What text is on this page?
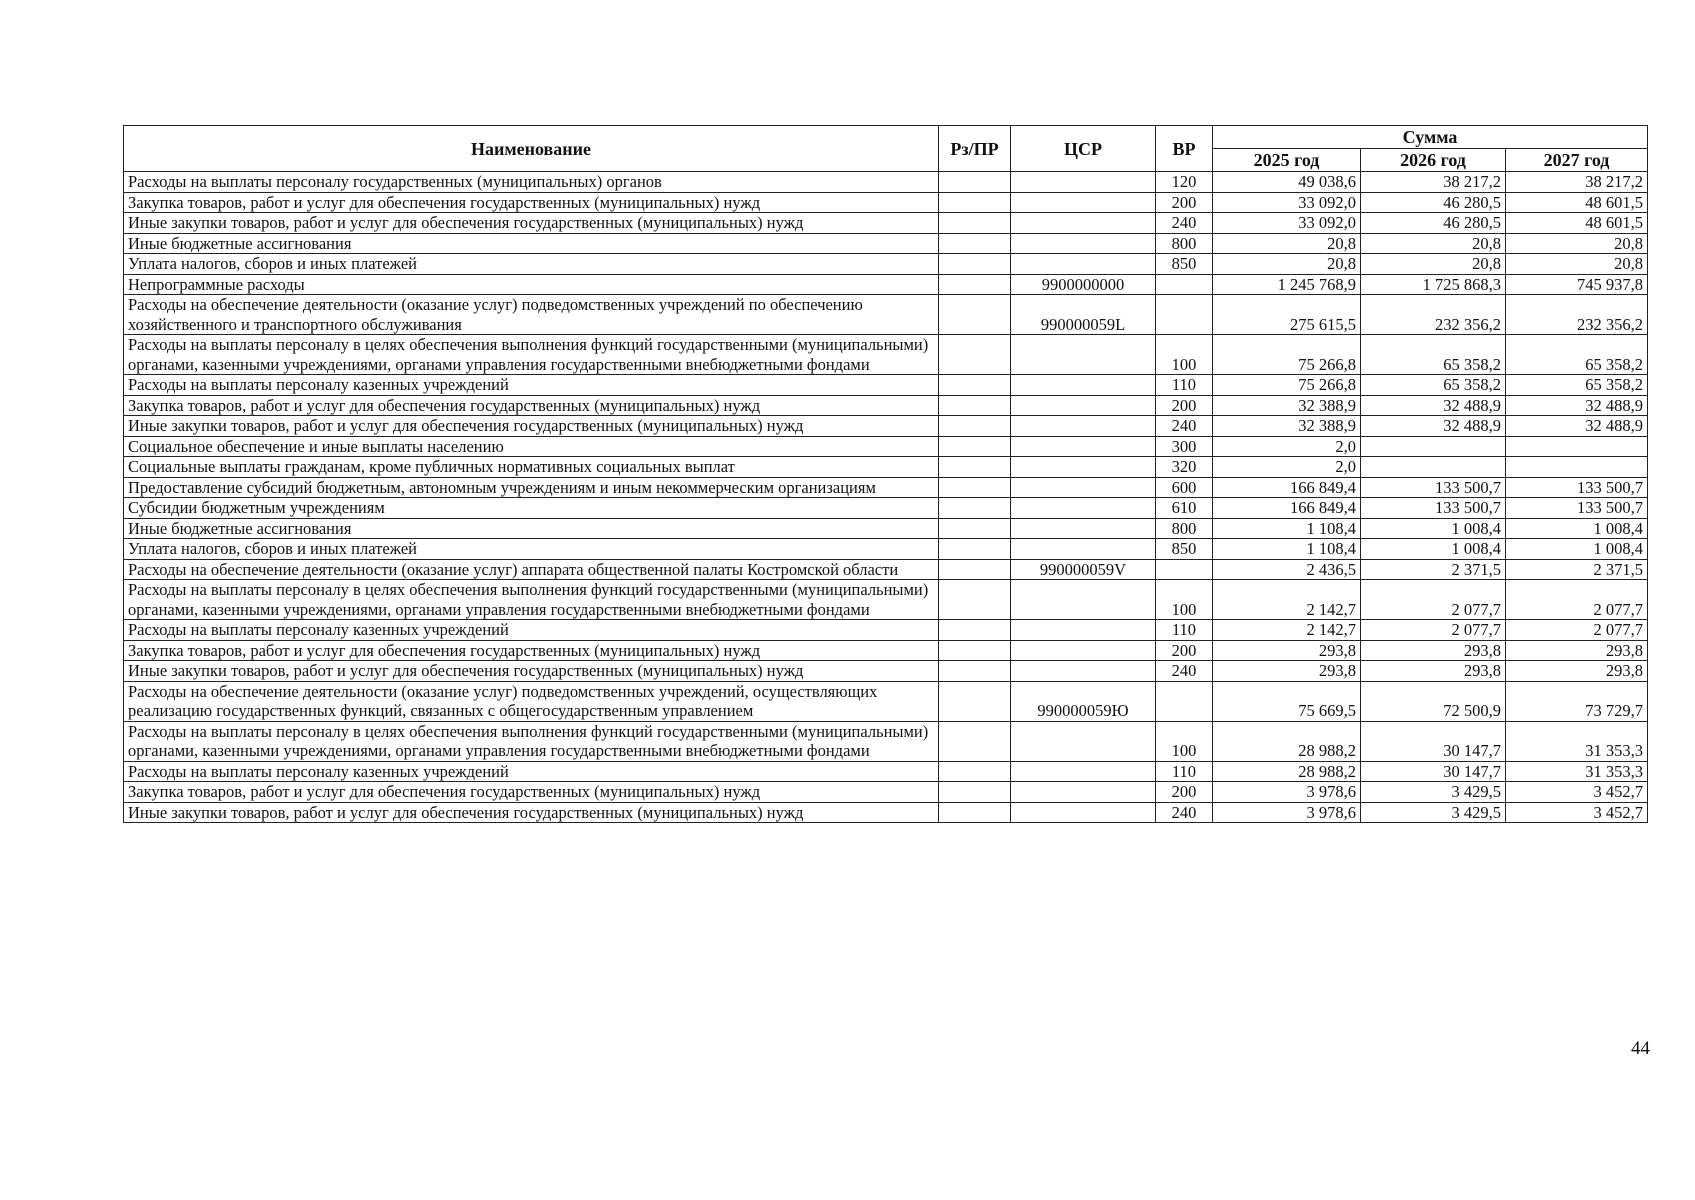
Наименование	Рз/ПР	ЦСР	ВР	Сумма		
				2025 год	2026 год	2027 год
Расходы на выплаты персоналу государственных (муниципальных) органов			120	49 038,6	38 217,2	38 217,2
Закупка товаров, работ и услуг для обеспечения государственных (муниципальных) нужд			200	33 092,0	46 280,5	48 601,5
Иные закупки товаров, работ и услуг для обеспечения государственных (муниципальных) нужд			240	33 092,0	46 280,5	48 601,5
Иные бюджетные ассигнования			800	20,8	20,8	20,8
Уплата налогов, сборов и иных платежей			850	20,8	20,8	20,8
Непрограммные расходы		9900000000		1 245 768,9	1 725 868,3	745 937,8
Расходы на обеспечение деятельности (оказание услуг) подведомственных учреждений по обеспечению хозяйственного и транспортного обслуживания		990000059L		275 615,5	232 356,2	232 356,2
Расходы на выплаты персоналу в целях обеспечения выполнения функций государственными (муниципальными) органами, казенными учреждениями, органами управления государственными внебюджетными фондами			100	75 266,8	65 358,2	65 358,2
Расходы на выплаты персоналу казенных учреждений			110	75 266,8	65 358,2	65 358,2
Закупка товаров, работ и услуг для обеспечения государственных (муниципальных) нужд			200	32 388,9	32 488,9	32 488,9
Иные закупки товаров, работ и услуг для обеспечения государственных (муниципальных) нужд			240	32 388,9	32 488,9	32 488,9
Социальное обеспечение и иные выплаты населению			300	2,0		
Социальные выплаты гражданам, кроме публичных нормативных социальных выплат			320	2,0		
Предоставление субсидий бюджетным, автономным учреждениям и иным некоммерческим организациям			600	166 849,4	133 500,7	133 500,7
Субсидии бюджетным учреждениям			610	166 849,4	133 500,7	133 500,7
Иные бюджетные ассигнования			800	1 108,4	1 008,4	1 008,4
Уплата налогов, сборов и иных платежей			850	1 108,4	1 008,4	1 008,4
Расходы на обеспечение деятельности (оказание услуг) аппарата общественной палаты Костромской области		990000059V		2 436,5	2 371,5	2 371,5
Расходы на выплаты персоналу в целях обеспечения выполнения функций государственными (муниципальными) органами, казенными учреждениями, органами управления государственными внебюджетными фондами			100	2 142,7	2 077,7	2 077,7
Расходы на выплаты персоналу казенных учреждений			110	2 142,7	2 077,7	2 077,7
Закупка товаров, работ и услуг для обеспечения государственных (муниципальных) нужд			200	293,8	293,8	293,8
Иные закупки товаров, работ и услуг для обеспечения государственных (муниципальных) нужд			240	293,8	293,8	293,8
Расходы на обеспечение деятельности (оказание услуг) подведомственных учреждений, осуществляющих реализацию государственных функций, связанных с общегосударственным управлением		990000059Ю		75 669,5	72 500,9	73 729,7
Расходы на выплаты персоналу в целях обеспечения выполнения функций государственными (муниципальными) органами, казенными учреждениями, органами управления государственными внебюджетными фондами			100	28 988,2	30 147,7	31 353,3
Расходы на выплаты персоналу казенных учреждений			110	28 988,2	30 147,7	31 353,3
Закупка товаров, работ и услуг для обеспечения государственных (муниципальных) нужд			200	3 978,6	3 429,5	3 452,7
Иные закупки товаров, работ и услуг для обеспечения государственных (муниципальных) нужд			240	3 978,6	3 429,5	3 452,7
44
